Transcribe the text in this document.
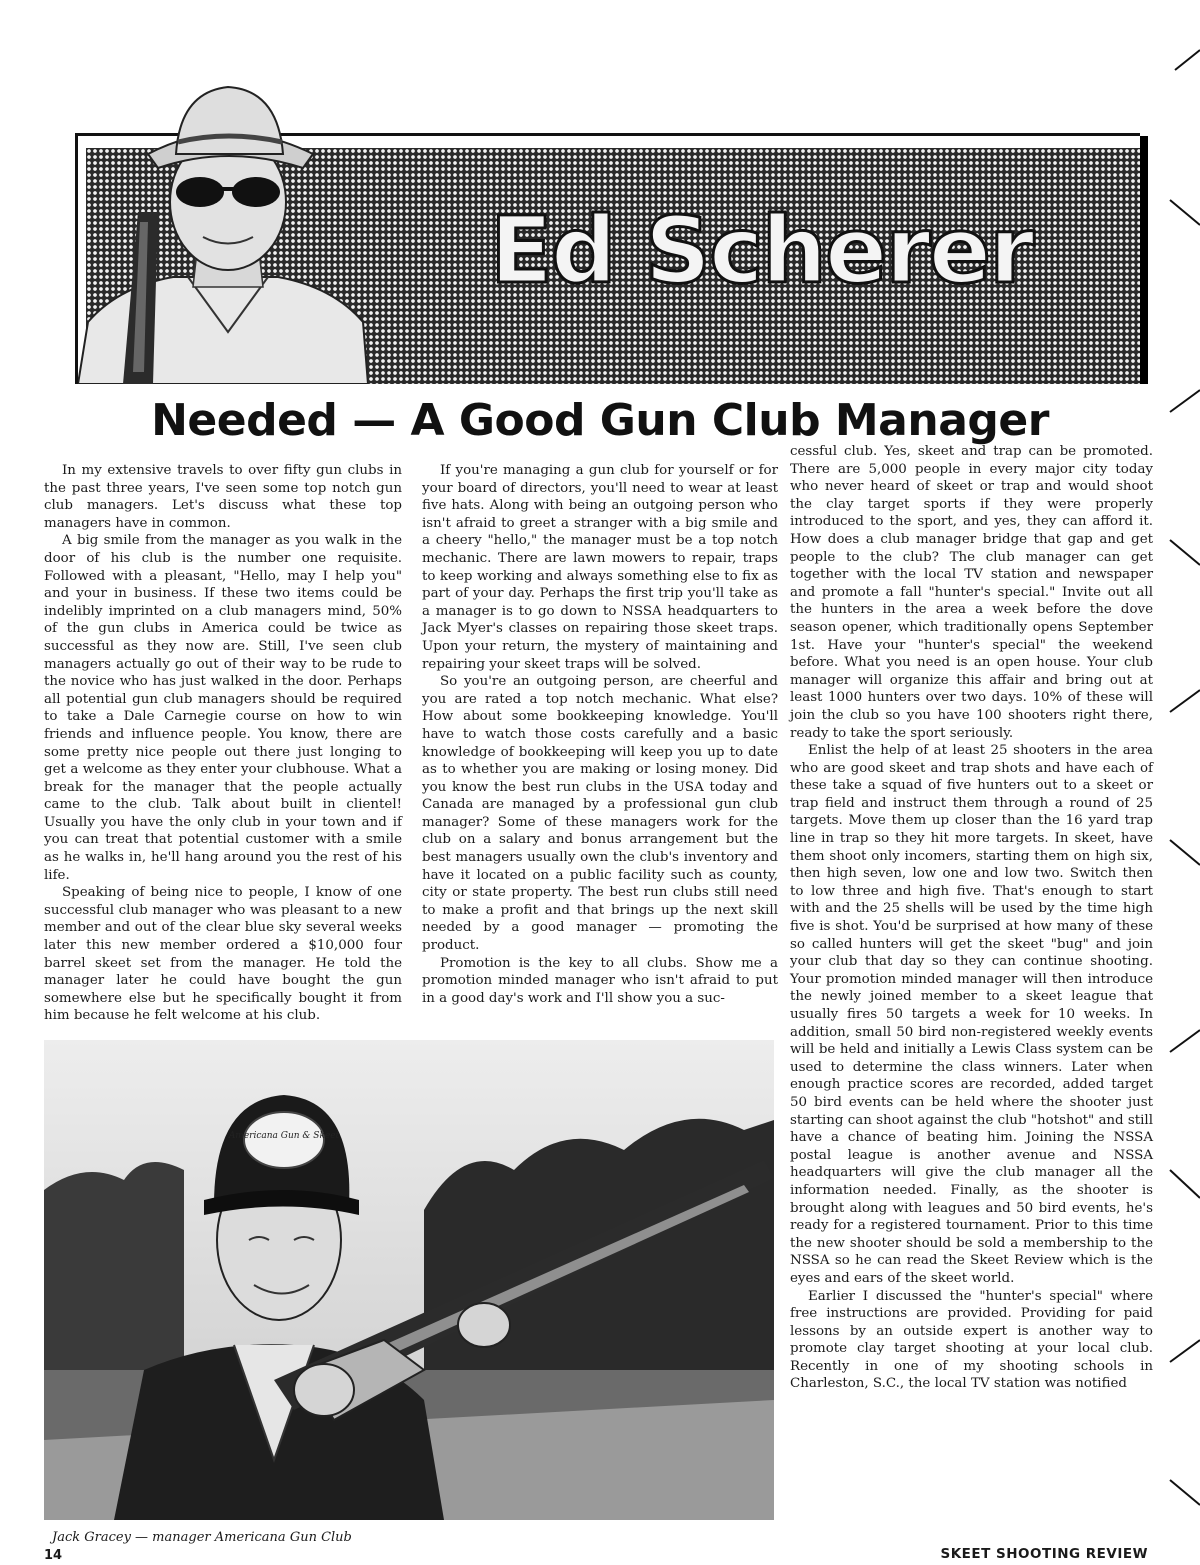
Ed Scherer
Needed — A Good Gun Club Manager

In my extensive travels to over fifty gun clubs in the past three years, I've seen some top notch gun club managers. Let's discuss what these top managers have in common.

A big smile from the manager as you walk in the door of his club is the number one requisite. Followed with a pleasant, "Hello, may I help you" and your in business. If these two items could be indelibly imprinted on a club managers mind, 50% of the gun clubs in America could be twice as successful as they now are. Still, I've seen club managers actually go out of their way to be rude to the novice who has just walked in the door. Perhaps all potential gun club managers should be required to take a Dale Carnegie course on how to win friends and influence people. You know, there are some pretty nice people out there just longing to get a welcome as they enter your clubhouse. What a break for the manager that the people actually came to the club. Talk about built in clientel! Usually you have the only club in your town and if you can treat that potential customer with a smile as he walks in, he'll hang around you the rest of his life.

Speaking of being nice to people, I know of one successful club manager who was pleasant to a new member and out of the clear blue sky several weeks later this new member ordered a $10,000 four barrel skeet set from the manager. He told the manager later he could have bought the gun somewhere else but he specifically bought it from him because he felt welcome at his club.

If you're managing a gun club for yourself or for your board of directors, you'll need to wear at least five hats. Along with being an outgoing person who isn't afraid to greet a stranger with a big smile and a cheery "hello," the manager must be a top notch mechanic. There are lawn mowers to repair, traps to keep working and always something else to fix as part of your day. Perhaps the first trip you'll take as a manager is to go down to NSSA headquarters to Jack Myer's classes on repairing those skeet traps. Upon your return, the mystery of maintaining and repairing your skeet traps will be solved.

So you're an outgoing person, are cheerful and you are rated a top notch mechanic. What else? How about some bookkeeping knowledge. You'll have to watch those costs carefully and a basic knowledge of bookkeeping will keep you up to date as to whether you are making or losing money. Did you know the best run clubs in the USA today and Canada are managed by a professional gun club manager? Some of these managers work for the club on a salary and bonus arrangement but the best managers usually own the club's inventory and have it located on a public facility such as county, city or state property. The best run clubs still need to make a profit and that brings up the next skill needed by a good manager — promoting the product.

Promotion is the key to all clubs. Show me a promotion minded manager who isn't afraid to put in a good day's work and I'll show you a suc-

cessful club. Yes, skeet and trap can be promoted. There are 5,000 people in every major city today who never heard of skeet or trap and would shoot the clay target sports if they were properly introduced to the sport, and yes, they can afford it. How does a club manager bridge that gap and get people to the club? The club manager can get together with the local TV station and newspaper and promote a fall "hunter's special." Invite out all the hunters in the area a week before the dove season opener, which traditionally opens September 1st. Have your "hunter's special" the weekend before. What you need is an open house. Your club manager will organize this affair and bring out at least 1000 hunters over two days. 10% of these will join the club so you have 100 shooters right there, ready to take the sport seriously.

Enlist the help of at least 25 shooters in the area who are good skeet and trap shots and have each of these take a squad of five hunters out to a skeet or trap field and instruct them through a round of 25 targets. Move them up closer than the 16 yard trap line in trap so they hit more targets. In skeet, have them shoot only incomers, starting them on high six, then high seven, low one and low two. Switch then to low three and high five. That's enough to start with and the 25 shells will be used by the time high five is shot. You'd be surprised at how many of these so called hunters will get the skeet "bug" and join your club that day so they can continue shooting. Your promotion minded manager will then introduce the newly joined member to a skeet league that usually fires 50 targets a week for 10 weeks. In addition, small 50 bird non-registered weekly events will be held and initially a Lewis Class system can be used to determine the class winners. Later when enough practice scores are recorded, added target 50 bird events can be held where the shooter just starting can shoot against the club "hotshot" and still have a chance of beating him. Joining the NSSA postal league is another avenue and NSSA headquarters will give the club manager all the information needed. Finally, as the shooter is brought along with leagues and 50 bird events, he's ready for a registered tournament. Prior to this time the new shooter should be sold a membership to the NSSA so he can read the Skeet Review which is the eyes and ears of the skeet world.

Earlier I discussed the "hunter's special" where free instructions are provided. Providing for paid lessons by an outside expert is another way to promote clay target shooting at your local club. Recently in one of my shooting schools in Charleston, S.C., the local TV station was notified

Americana Gun & Skeet
Jack Gracey — manager Americana Gun Club
14	SKEET SHOOTING REVIEW
